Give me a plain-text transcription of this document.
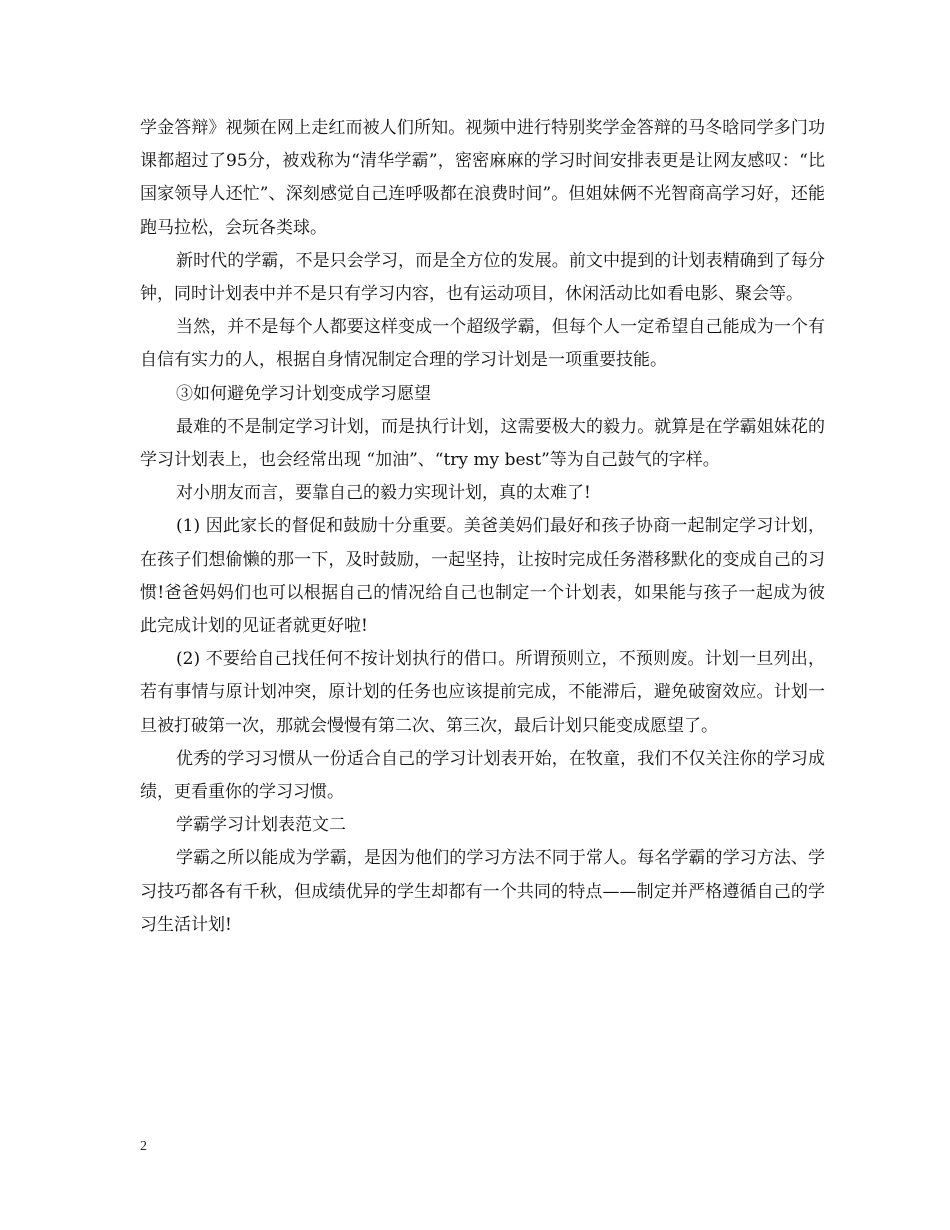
学金答辩》视频在网上走红而被人们所知。视频中进行特别奖学金答辩的马冬晗同学多门功课都超过了95分，被戏称为“清华学霸”，密密麻麻的学习时间安排表更是让网友感叹：“比国家领导人还忙”、深刻感觉自己连呼吸都在浪费时间”。但姐妹俩不光智商高学习好，还能跑马拉松，会玩各类球。

新时代的学霸，不是只会学习，而是全方位的发展。前文中提到的计划表精确到了每分钟，同时计划表中并不是只有学习内容，也有运动项目，休闲活动比如看电影、聚会等。

当然，并不是每个人都要这样变成一个超级学霸，但每个人一定希望自己能成为一个有自信有实力的人，根据自身情况制定合理的学习计划是一项重要技能。

③如何避免学习计划变成学习愿望

最难的不是制定学习计划，而是执行计划，这需要极大的毅力。就算是在学霸姐妹花的学习计划表上，也会经常出现 “加油”、“try my best”等为自己鼓气的字样。

对小朋友而言，要靠自己的毅力实现计划，真的太难了!

(1) 因此家长的督促和鼓励十分重要。美爸美妈们最好和孩子协商一起制定学习计划，在孩子们想偷懒的那一下，及时鼓励，一起坚持，让按时完成任务潜移默化的变成自己的习惯!爸爸妈妈们也可以根据自己的情况给自己也制定一个计划表，如果能与孩子一起成为彼此完成计划的见证者就更好啦!

(2) 不要给自己找任何不按计划执行的借口。所谓预则立，不预则废。计划一旦列出，若有事情与原计划冲突，原计划的任务也应该提前完成，不能滞后，避免破窗效应。计划一旦被打破第一次，那就会慢慢有第二次、第三次，最后计划只能变成愿望了。

优秀的学习习惯从一份适合自己的学习计划表开始，在牧童，我们不仅关注你的学习成绩，更看重你的学习习惯。

学霸学习计划表范文二

学霸之所以能成为学霸，是因为他们的学习方法不同于常人。每名学霸的学习方法、学习技巧都各有千秋，但成绩优异的学生却都有一个共同的特点——制定并严格遵循自己的学习生活计划!

2
